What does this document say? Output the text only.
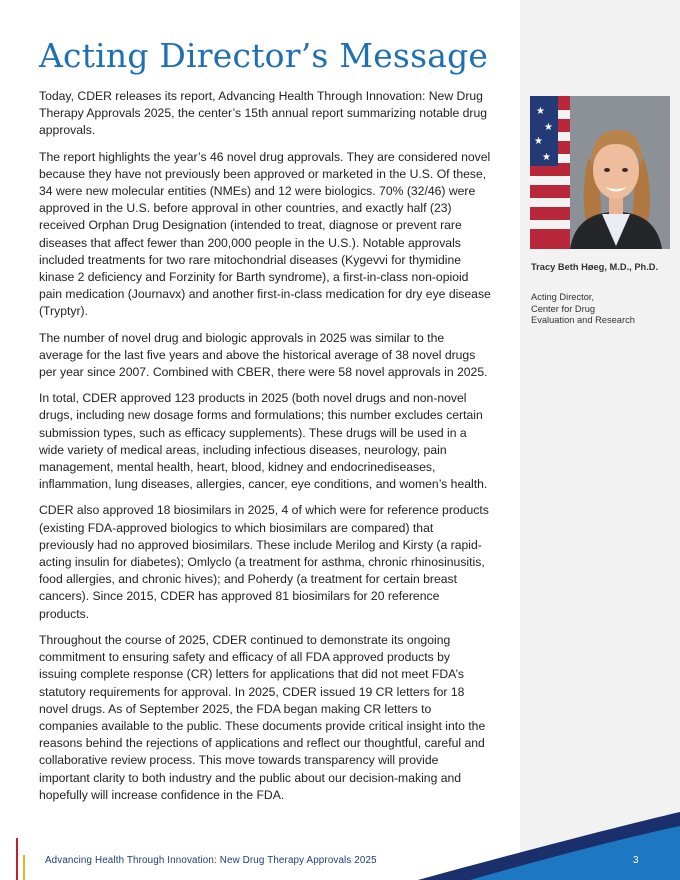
Acting Director’s Message

Today, CDER releases its report, Advancing Health Through Innovation: New Drug Therapy Approvals 2025, the center’s 15th annual report summarizing notable drug approvals.

The report highlights the year’s 46 novel drug approvals. They are considered novel because they have not previously been approved or marketed in the U.S. Of these, 34 were new molecular entities (NMEs) and 12 were biologics. 70% (32/46) were approved in the U.S. before approval in other countries, and exactly half (23) received Orphan Drug Designation (intended to treat, diagnose or prevent rare diseases that affect fewer than 200,000 people in the U.S.). Notable approvals included treatments for two rare mitochondrial diseases (Kygevvi for thymidine kinase 2 deficiency and Forzinity for Barth syndrome), a first-in-class non-opioid pain medication (Journavx) and another first-in-class medication for dry eye disease (Tryptyr).

The number of novel drug and biologic approvals in 2025 was similar to the average for the last five years and above the historical average of 38 novel drugs per year since 2007. Combined with CBER, there were 58 novel approvals in 2025.

In total, CDER approved 123 products in 2025 (both novel drugs and non-novel drugs, including new dosage forms and formulations; this number excludes certain submission types, such as efficacy supplements). These drugs will be used in a wide variety of medical areas, including infectious diseases, neurology, pain management, mental health, heart, blood, kidney and endocrinediseases, inflammation, lung diseases, allergies, cancer, eye conditions, and women’s health.

CDER also approved 18 biosimilars in 2025, 4 of which were for reference products (existing FDA-approved biologics to which biosimilars are compared) that previously had no approved biosimilars. These include Merilog and Kirsty (a rapid-acting insulin for diabetes); Omlyclo (a treatment for asthma, chronic rhinosinusitis, food allergies, and chronic hives); and Poherdy (a treatment for certain breast cancers). Since 2015, CDER has approved 81 biosimilars for 20 reference products.

Throughout the course of 2025, CDER continued to demonstrate its ongoing commitment to ensuring safety and efficacy of all FDA approved products by issuing complete response (CR) letters for applications that did not meet FDA’s statutory requirements for approval. In 2025, CDER issued 19 CR letters for 18 novel drugs. As of September 2025, the FDA began making CR letters to companies available to the public. These documents provide critical insight into the reasons behind the rejections of applications and reflect our thoughtful, careful and collaborative review process. This move towards transparency will provide important clarity to both industry and the public about our decision-making and hopefully will increase confidence in the FDA.

★
★
★
★
Tracy Beth Høeg, M.D., Ph.D.
Acting Director,
Center for Drug
Evaluation and Research
Advancing Health Through Innovation: New Drug Therapy Approvals 2025	3
